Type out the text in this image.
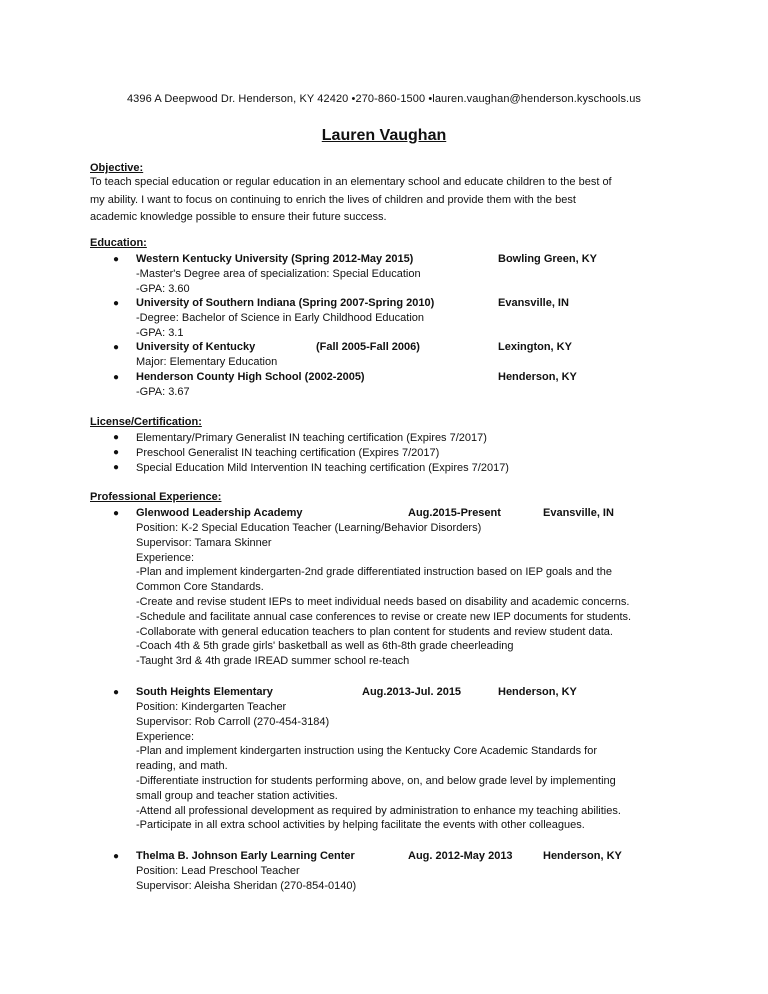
4396 A Deepwood Dr. Henderson, KY 42420 •270-860-1500 •lauren.vaughan@henderson.kyschools.us
Lauren Vaughan
Objective:
To teach special education or regular education in an elementary school and educate children to the best of
my ability. I want to focus on continuing to enrich the lives of children and provide them with the best
academic knowledge possible to ensure their future success.
Education:
● Western Kentucky University (Spring 2012-May 2015)	Bowling Green, KY
-Master's Degree area of specialization: Special Education
-GPA: 3.60
● University of Southern Indiana (Spring 2007-Spring 2010)	Evansville, IN
-Degree: Bachelor of Science in Early Childhood Education
-GPA: 3.1
● University of Kentucky	(Fall 2005-Fall 2006)	Lexington, KY
Major: Elementary Education
● Henderson County High School (2002-2005)	Henderson, KY
-GPA: 3.67
License/Certification:
● Elementary/Primary Generalist IN teaching certification (Expires 7/2017)
● Preschool Generalist IN teaching certification (Expires 7/2017)
● Special Education Mild Intervention IN teaching certification (Expires 7/2017)
Professional Experience:
● Glenwood Leadership Academy	Aug.2015-Present	Evansville, IN
Position: K-2 Special Education Teacher (Learning/Behavior Disorders)
Supervisor: Tamara Skinner
Experience:
-Plan and implement kindergarten-2nd grade differentiated instruction based on IEP goals and the
Common Core Standards.
-Create and revise student IEPs to meet individual needs based on disability and academic concerns.
-Schedule and facilitate annual case conferences to revise or create new IEP documents for students.
-Collaborate with general education teachers to plan content for students and review student data.
-Coach 4th & 5th grade girls' basketball as well as 6th-8th grade cheerleading
-Taught 3rd & 4th grade IREAD summer school re-teach
● South Heights Elementary	Aug.2013-Jul. 2015	Henderson, KY
Position: Kindergarten Teacher
Supervisor: Rob Carroll (270-454-3184)
Experience:
-Plan and implement kindergarten instruction using the Kentucky Core Academic Standards for
reading, and math.
-Differentiate instruction for students performing above, on, and below grade level by implementing
small group and teacher station activities.
-Attend all professional development as required by administration to enhance my teaching abilities.
-Participate in all extra school activities by helping facilitate the events with other colleagues.
● Thelma B. Johnson Early Learning Center	Aug. 2012-May 2013	Henderson, KY
Position: Lead Preschool Teacher
Supervisor: Aleisha Sheridan (270-854-0140)
